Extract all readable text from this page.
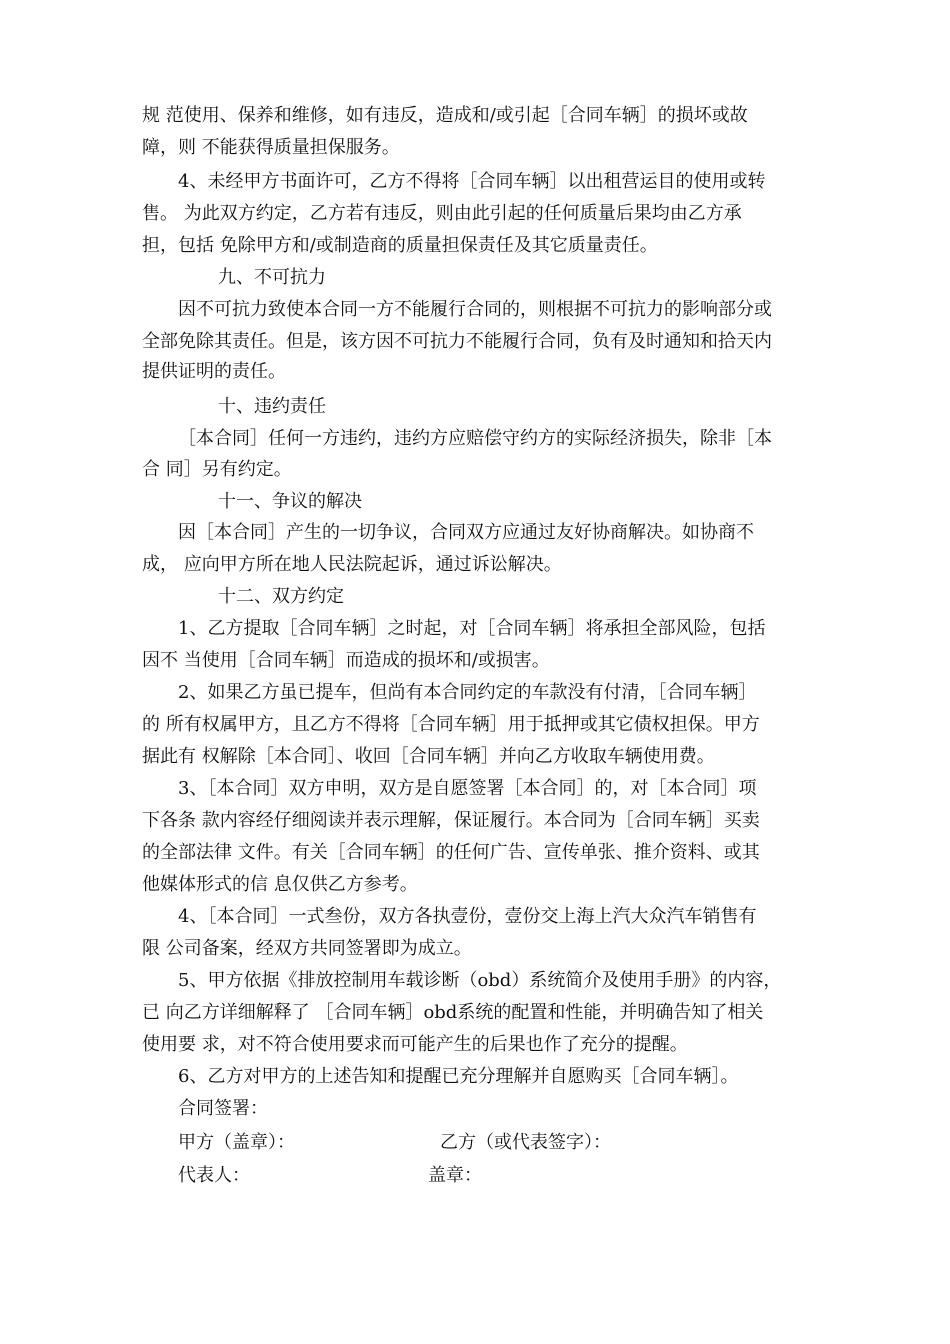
规 范使用、保养和维修，如有违反，造成和/或引起［合同车辆］的损坏或故
障，则 不能获得质量担保服务。
4、未经甲方书面许可，乙方不得将［合同车辆］以出租营运目的使用或转
售。 为此双方约定，乙方若有违反，则由此引起的任何质量后果均由乙方承
担，包括 免除甲方和/或制造商的质量担保责任及其它质量责任。
九、不可抗力
因不可抗力致使本合同一方不能履行合同的，则根据不可抗力的影响部分或
全部免除其责任。但是，该方因不可抗力不能履行合同，负有及时通知和拾天内
提供证明的责任。
十、违约责任
［本合同］任何一方违约，违约方应赔偿守约方的实际经济损失，除非［本
合 同］另有约定。
十一、争议的解决
因［本合同］产生的一切争议，合同双方应通过友好协商解决。如协商不
成， 应向甲方所在地人民法院起诉，通过诉讼解决。
十二、双方约定
1、乙方提取［合同车辆］之时起，对［合同车辆］将承担全部风险，包括
因不 当使用［合同车辆］而造成的损坏和/或损害。
2、如果乙方虽已提车，但尚有本合同约定的车款没有付清，［合同车辆］
的 所有权属甲方，且乙方不得将［合同车辆］用于抵押或其它债权担保。甲方
据此有 权解除［本合同］、收回［合同车辆］并向乙方收取车辆使用费。
3、［本合同］双方申明，双方是自愿签署［本合同］的，对［本合同］项
下各条 款内容经仔细阅读并表示理解，保证履行。本合同为［合同车辆］买卖
的全部法律 文件。有关［合同车辆］的任何广告、宣传单张、推介资料、或其
他媒体形式的信 息仅供乙方参考。
4、［本合同］一式叁份，双方各执壹份，壹份交上海上汽大众汽车销售有
限 公司备案，经双方共同签署即为成立。
5、甲方依据《排放控制用车载诊断（obd）系统简介及使用手册》的内容，
已 向乙方详细解释了 ［合同车辆］obd系统的配置和性能，并明确告知了相关
使用要 求，对不符合使用要求而可能产生的后果也作了充分的提醒。
6、乙方对甲方的上述告知和提醒已充分理解并自愿购买［合同车辆］。
合同签署：
甲方（盖章）：	乙方（或代表签字）：
代表人：	盖章：
